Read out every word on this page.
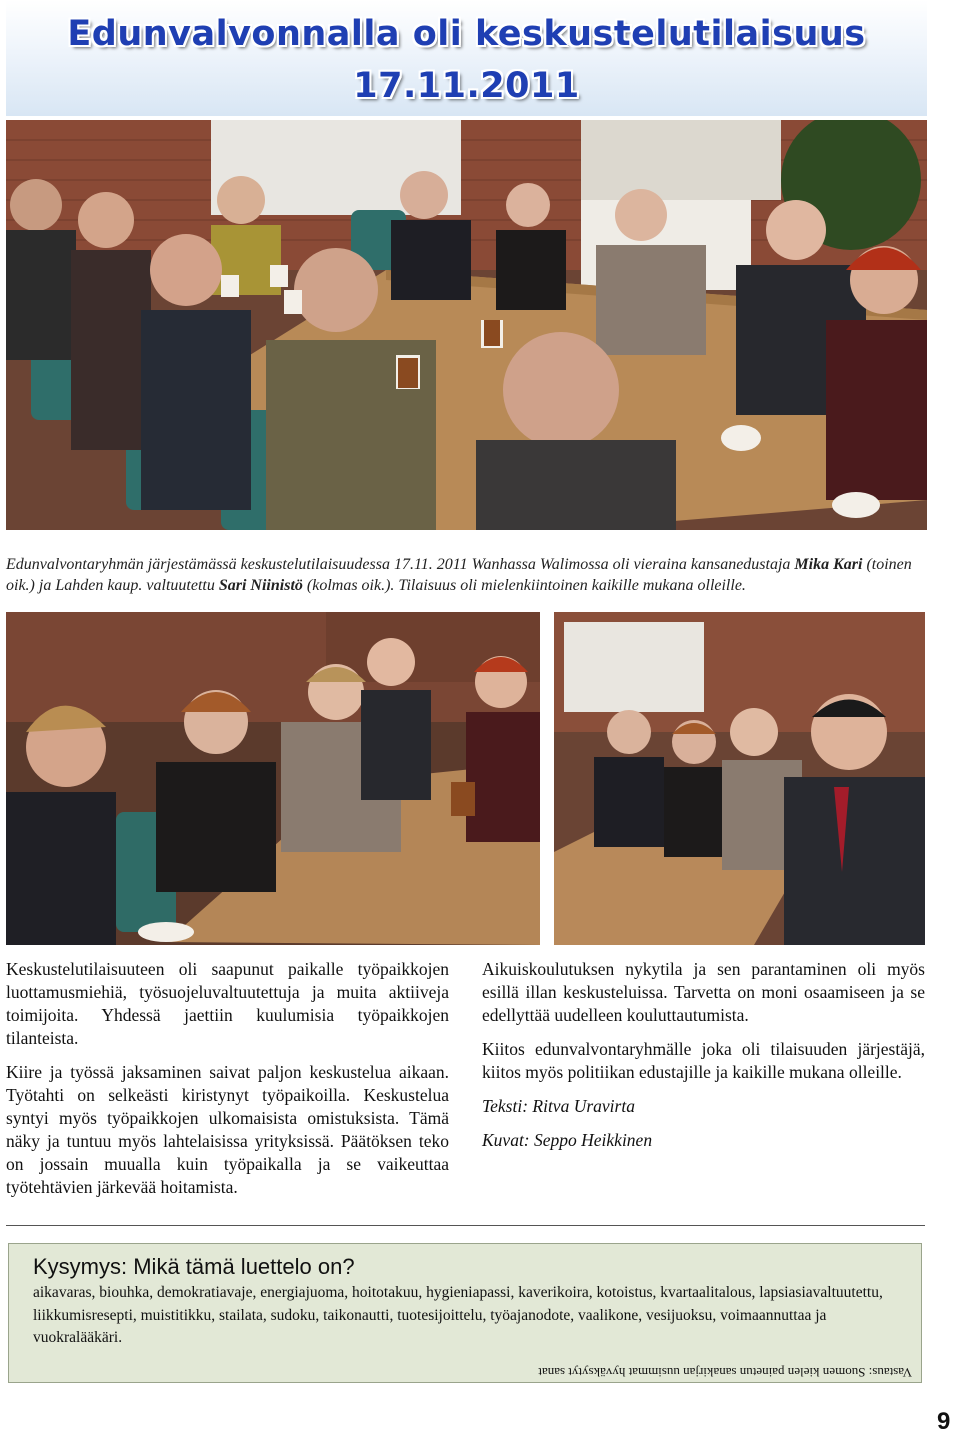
Edunvalvonnalla oli keskustelutilaisuus
17.11.2011

Edunvalvontaryhmän järjestämässä keskustelutilaisuudessa 17.11. 2011 Wanhassa Walimossa oli vieraina kansanedustaja Mika Kari (toinen oik.) ja Lahden kaup. valtuutettu Sari Niinistö (kolmas oik.). Tilaisuus oli mielenkiintoinen kaikille mukana olleille.

Keskustelutilaisuuteen oli saapunut paikalle työpaikkojen luottamusmiehiä, työsuojeluvaltuutettuja ja muita aktiiveja toimijoita. Yhdessä jaettiin kuulumisia työpaikkojen tilanteista.

Kiire ja työssä jaksaminen saivat paljon keskustelua aikaan. Työtahti on selkeästi kiristynyt työpaikoilla. Keskustelua syntyi myös työpaikkojen ulkomaisista omistuksista. Tämä näky ja tuntuu myös lahtelaisissa yrityksissä. Päätöksen teko on jossain muualla kuin työpaikalla ja se vaikeuttaa työtehtävien järkevää hoitamista.

Aikuiskoulutuksen nykytila ja sen parantaminen oli myös esillä illan keskusteluissa. Tarvetta on moni osaamiseen ja se edellyttää uudelleen kouluttautumista.

Kiitos edunvalvontaryhmälle joka oli tilaisuuden järjestäjä, kiitos myös politiikan edustajille ja kaikille mukana olleille.

Teksti: Ritva Uravirta

Kuvat: Seppo Heikkinen

Kysymys: Mikä tämä luettelo on?
aikavaras, biouhka, demokratiavaje, energiajuoma, hoitotakuu, hygieniapassi, kaverikoira, kotoistus, kvartaalitalous, lapsiasiavaltuutettu, liikkumisresepti, muistitikku, stailata, sudoku, taikonautti, tuotesijoittelu, työajanodote, vaalikone, vesijuoksu, voimaannuttaa ja vuokralääkäri.
Vastaus: Suomen kielen painetun sanakirjan uusimmat hyväksytyt sanat
9
